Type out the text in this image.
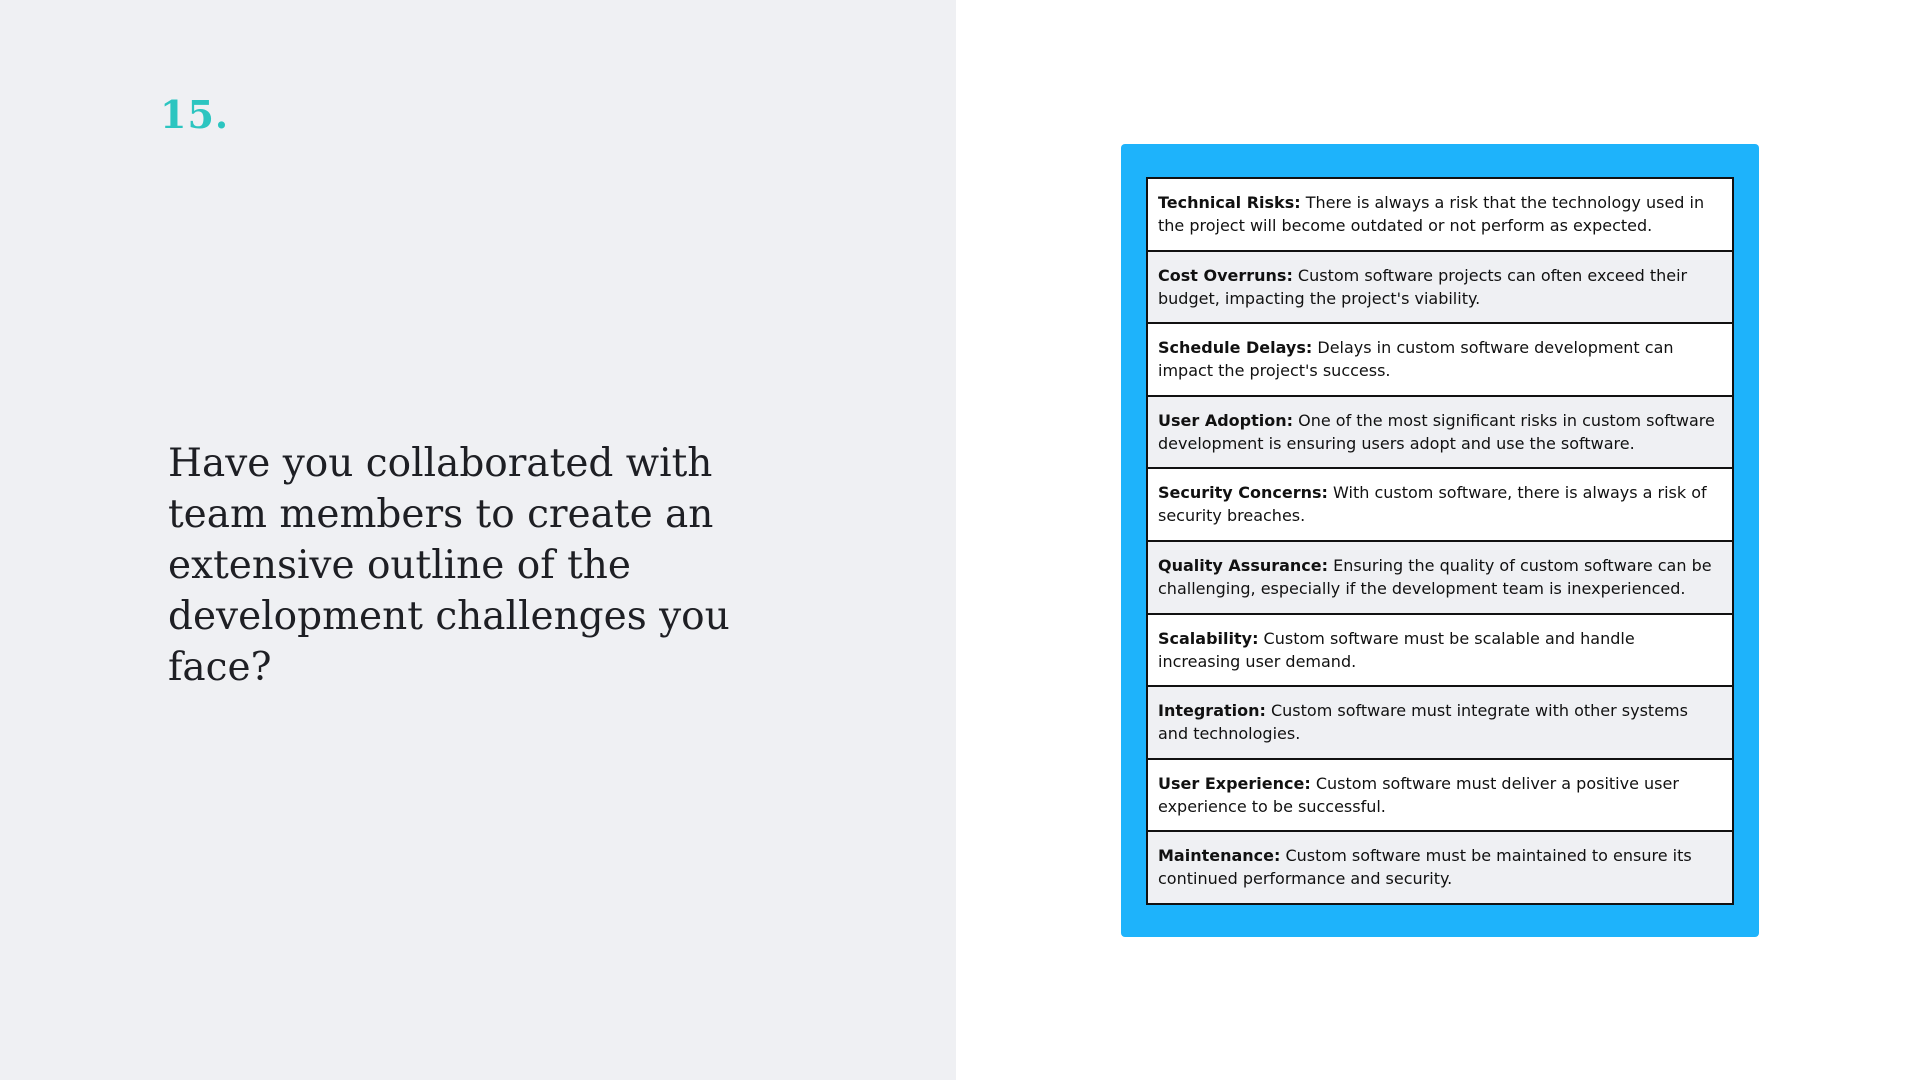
15.
Have you collaborated with team members to create an extensive outline of the development challenges you face?
Technical Risks: There is always a risk that the technology used in the project will become outdated or not perform as expected.
Cost Overruns: Custom software projects can often exceed their budget, impacting the project's viability.
Schedule Delays: Delays in custom software development can impact the project's success.
User Adoption: One of the most significant risks in custom software development is ensuring users adopt and use the software.
Security Concerns: With custom software, there is always a risk of security breaches.
Quality Assurance: Ensuring the quality of custom software can be challenging, especially if the development team is inexperienced.
Scalability: Custom software must be scalable and handle increasing user demand.
Integration: Custom software must integrate with other systems and technologies.
User Experience: Custom software must deliver a positive user experience to be successful.
Maintenance: Custom software must be maintained to ensure its continued performance and security.
